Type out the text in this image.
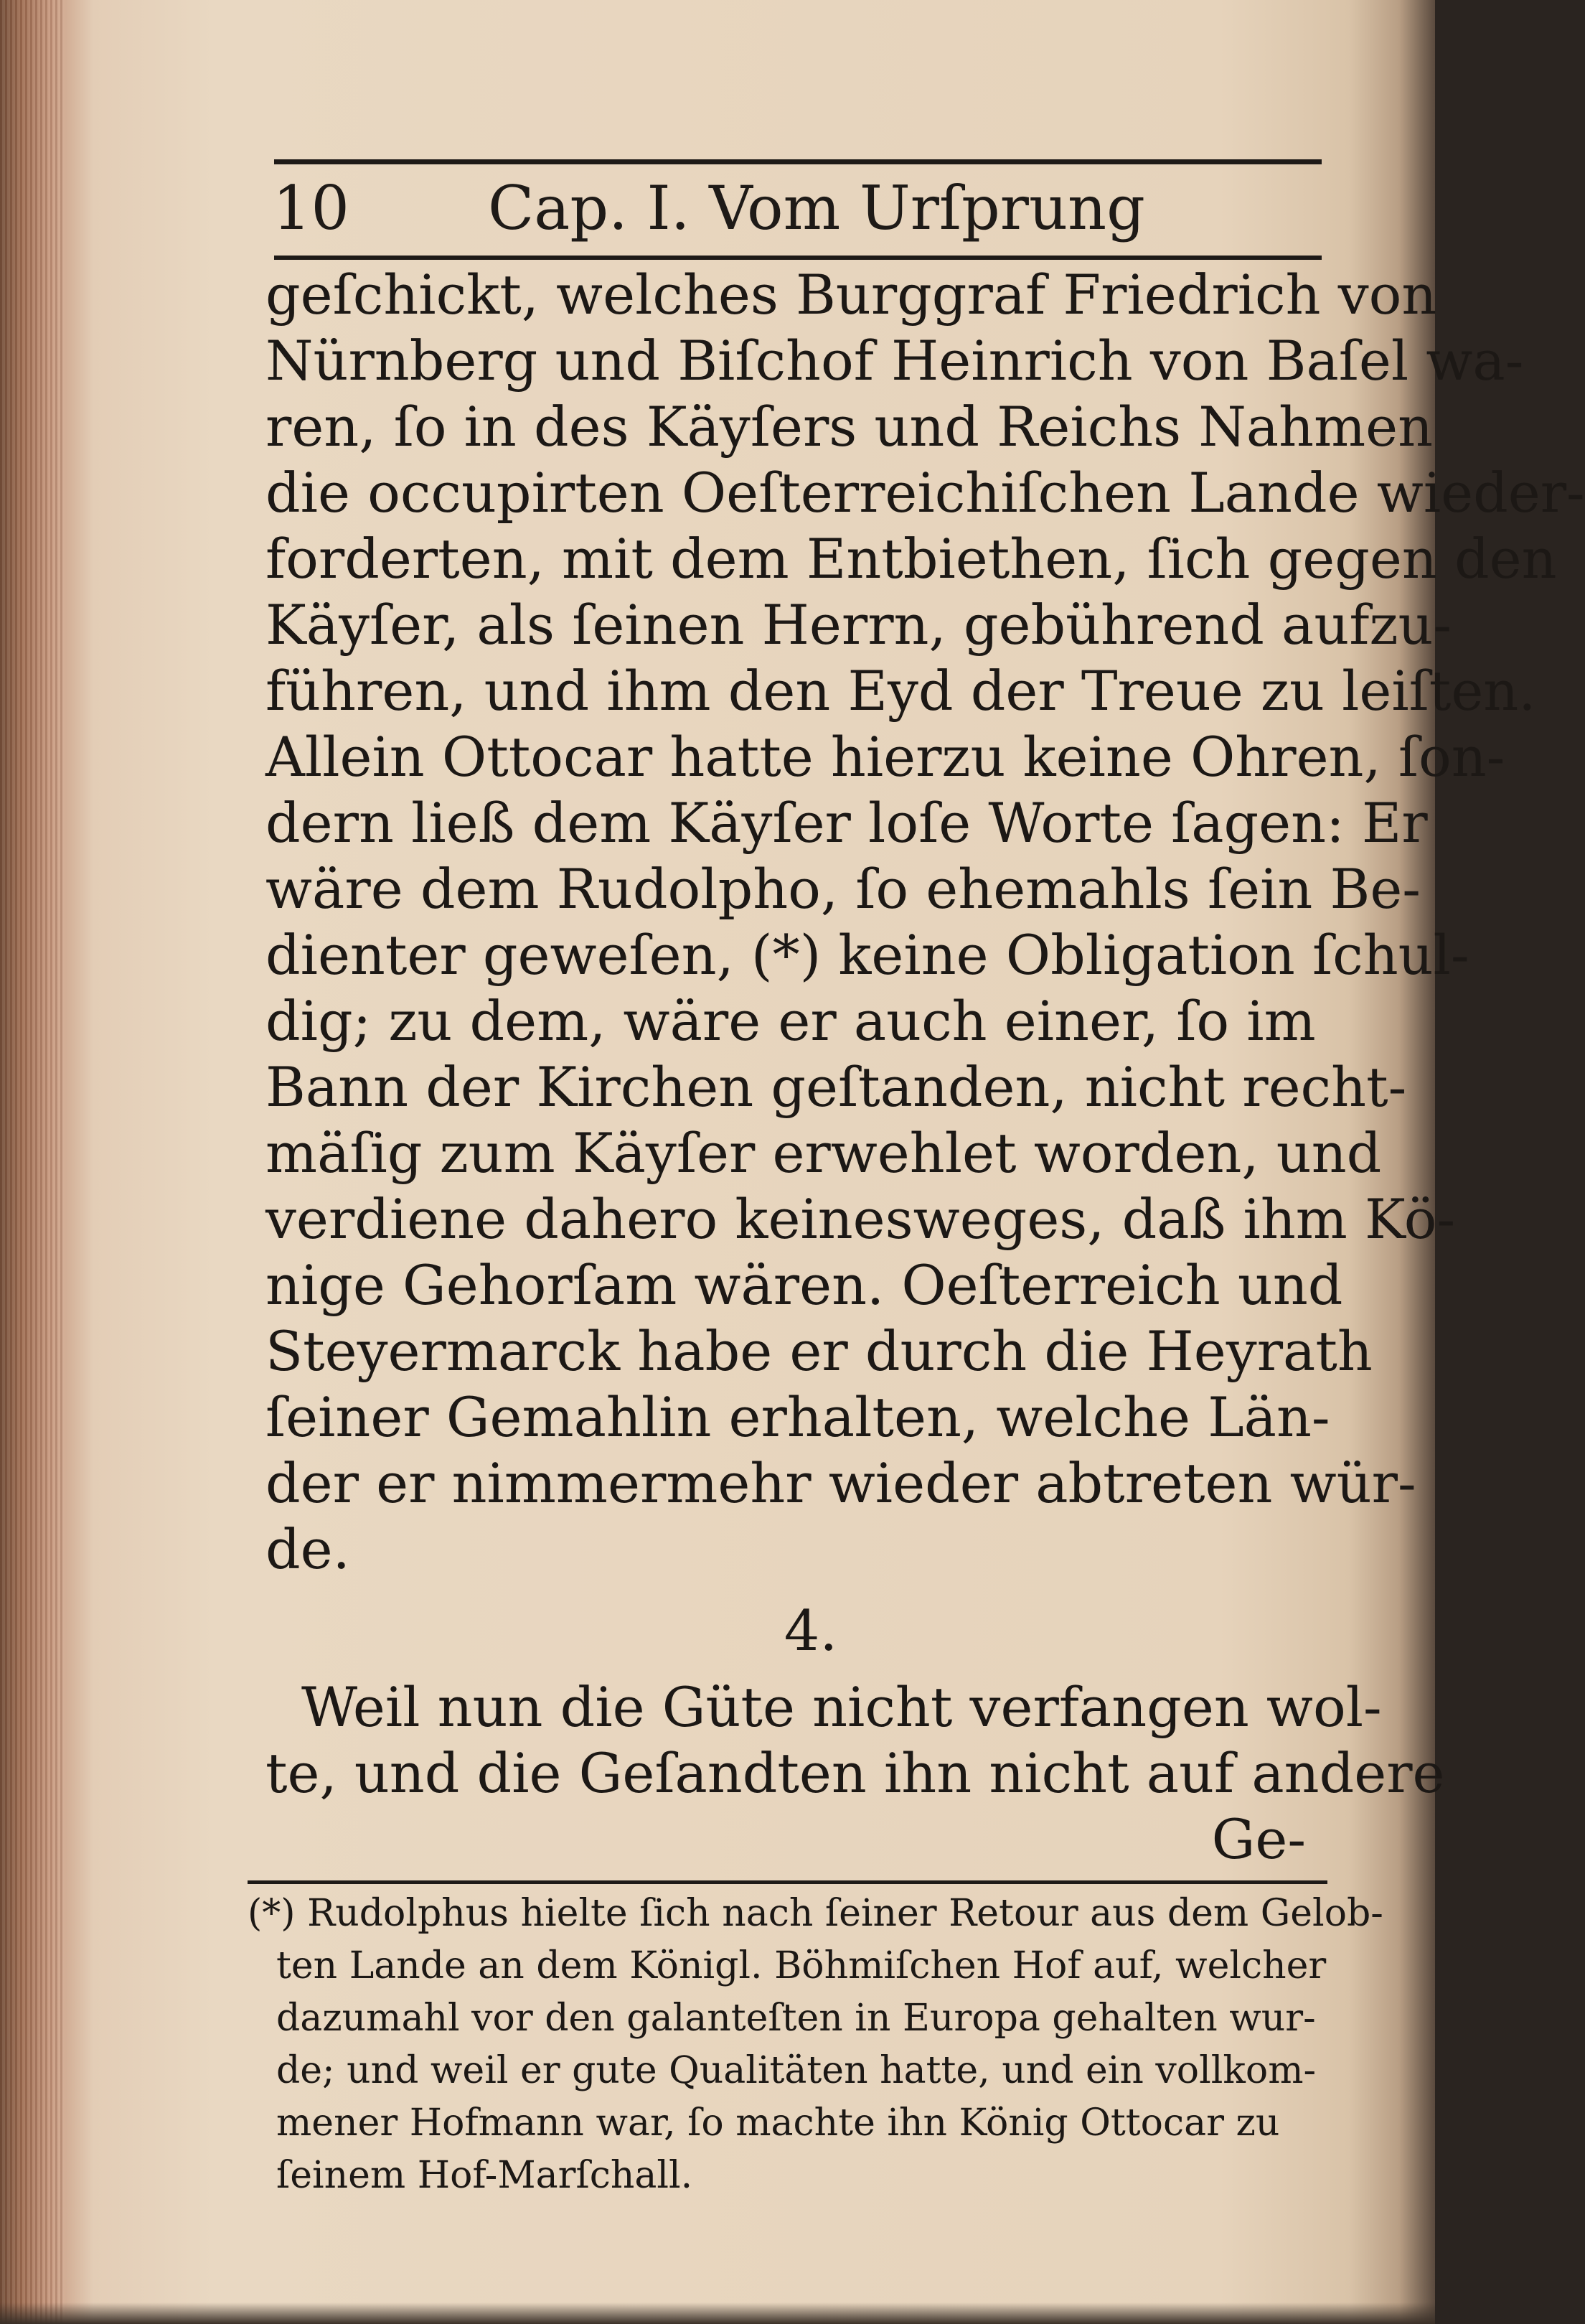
10 Cap. I. Vom Urſprung
geſchickt, welches Burggraf Friedrich von
Nürnberg und Biſchof Heinrich von Baſel wa-
ren, ſo in des Käyſers und Reichs Nahmen
die occupirten Oeſterreichiſchen Lande wieder-
forderten, mit dem Entbiethen, ſich gegen den
Käyſer, als ſeinen Herrn, gebührend aufzu-
führen, und ihm den Eyd der Treue zu leiſten.
Allein Ottocar hatte hierzu keine Ohren, ſon-
dern ließ dem Käyſer loſe Worte ſagen: Er
wäre dem Rudolpho, ſo ehemahls ſein Be-
dienter geweſen, (*) keine Obligation ſchul-
dig; zu dem, wäre er auch einer, ſo im
Bann der Kirchen geſtanden, nicht recht-
mäſig zum Käyſer erwehlet worden, und
verdiene dahero keinesweges, daß ihm Kö-
nige Gehorſam wären. Oeſterreich und
Steyermarck habe er durch die Heyrath
ſeiner Gemahlin erhalten, welche Län-
der er nimmermehr wieder abtreten wür-
de.
4.
Weil nun die Güte nicht verfangen wol-
te, und die Geſandten ihn nicht auf andere
Ge-
(*) Rudolphus hielte ſich nach ſeiner Retour aus dem Gelob-
ten Lande an dem Königl. Böhmiſchen Hof auf, welcher
dazumahl vor den galanteſten in Europa gehalten wur-
de; und weil er gute Qualitäten hatte, und ein vollkom-
mener Hofmann war, ſo machte ihn König Ottocar zu
ſeinem Hof-Marſchall.
